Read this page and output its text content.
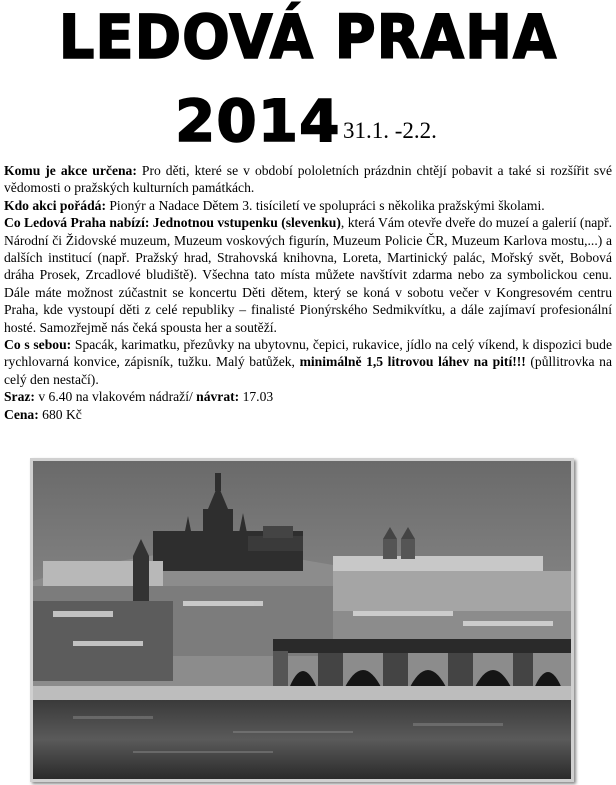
LEDOVÁ PRAHA
2014 31.1. -2.2.

Komu je akce určena: Pro děti, které se v období pololetních prázdnin chtějí pobavit a také si rozšířit své vědomosti o pražských kulturních památkách.

Kdo akci pořádá: Pionýr a Nadace Dětem 3. tisíciletí ve spolupráci s několika pražskými školami.

Co Ledová Praha nabízí: Jednotnou vstupenku (slevenku), která Vám otevře dveře do muzeí a galerií (např. Národní či Židovské muzeum, Muzeum voskových figurín, Muzeum Policie ČR, Muzeum Karlova mostu,...) a dalších institucí (např. Pražský hrad, Strahovská knihovna, Loreta, Martinický palác, Mořský svět, Bobová dráha Prosek, Zrcadlové bludiště). Všechna tato místa můžete navštívit zdarma nebo za symbolickou cenu. Dále máte možnost zúčastnit se koncertu Děti dětem, který se koná v sobotu večer v Kongresovém centru Praha, kde vystoupí děti z celé republiky – finalisté Pionýrského Sedmikvítku, a dále zajímaví profesionální hosté. Samozřejmě nás čeká spousta her a soutěží.

Co s sebou: Spacák, karimatku, přezůvky na ubytovnu, čepici, rukavice, jídlo na celý víkend, k dispozici bude rychlovarná konvice, zápisník, tužku. Malý batůžek, minimálně 1,5 litrovou láhev na pití!!! (půllitrovka na celý den nestačí).

Sraz: v 6.40 na vlakovém nádraží/ návrat: 17.03

Cena: 680 Kč
